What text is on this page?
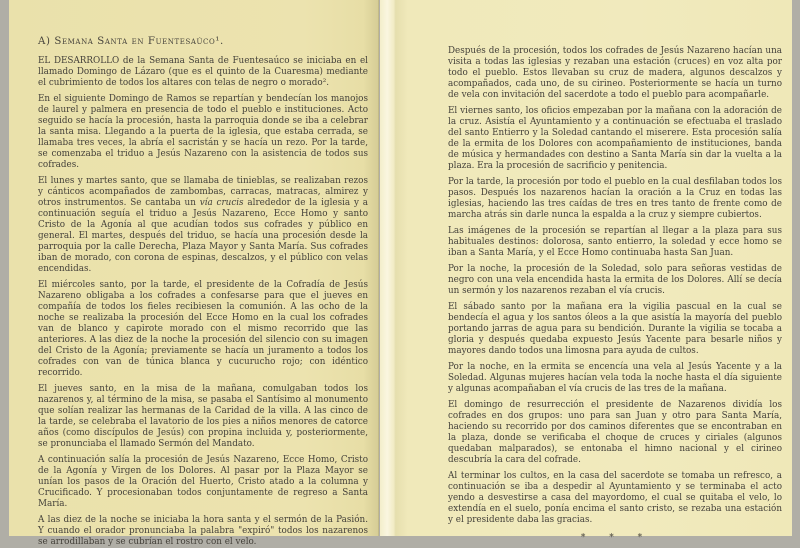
A) Semana Santa en Fuentesaúco¹.

EL DESARROLLO de la Semana Santa de Fuentesaúco se iniciaba en el llamado Domingo de Lázaro (que es el quinto de la Cuaresma) mediante el cubrimiento de todos los altares con telas de negro o morado².

En el siguiente Domingo de Ramos se repartían y bendecían los manojos de laurel y palmera en presencia de todo el pueblo e instituciones. Acto seguido se hacía la procesión, hasta la parroquia donde se iba a celebrar la santa misa. Llegando a la puerta de la iglesia, que estaba cerrada, se llamaba tres veces, la abría el sacristán y se hacía un rezo. Por la tarde, se comenzaba el triduo a Jesús Nazareno con la asistencia de todos sus cofrades.

El lunes y martes santo, que se llamaba de tinieblas, se realizaban rezos y cánticos acompañados de zambombas, carracas, matracas, almirez y otros instrumentos. Se cantaba un vía crucis alrededor de la iglesia y a continuación seguía el triduo a Jesús Nazareno, Ecce Homo y santo Cristo de la Agonía al que acudían todos sus cofrades y público en general. El martes, después del triduo, se hacía una procesión desde la parroquia por la calle Derecha, Plaza Mayor y Santa María. Sus cofrades iban de morado, con corona de espinas, descalzos, y el público con velas encendidas.

El miércoles santo, por la tarde, el presidente de la Cofradía de Jesús Nazareno obligaba a los cofrades a confesarse para que el jueves en compañía de todos los fieles recibiesen la comunión. A las ocho de la noche se realizaba la procesión del Ecce Homo en la cual los cofrades van de blanco y capirote morado con el mismo recorrido que las anteriores. A las diez de la noche la procesión del silencio con su imagen del Cristo de la Agonía; previamente se hacía un juramento a todos los cofrades con van de túnica blanca y cucurucho rojo; con idéntico recorrido.

El jueves santo, en la misa de la mañana, comulgaban todos los nazarenos y, al término de la misa, se pasaba el Santísimo al monumento que solían realizar las hermanas de la Caridad de la villa. A las cinco de la tarde, se celebraba el lavatorio de los pies a niños menores de catorce años (como discípulos de Jesús) con propina incluida y, posteriormente, se pronunciaba el llamado Sermón del Mandato.

A continuación salía la procesión de Jesús Nazareno, Ecce Homo, Cristo de la Agonía y Virgen de los Dolores. Al pasar por la Plaza Mayor se unían los pasos de la Oración del Huerto, Cristo atado a la columna y Crucificado. Y procesionaban todos conjuntamente de regreso a Santa María.

A las diez de la noche se iniciaba la hora santa y el sermón de la Pasión. Y cuando el orador pronunciaba la palabra "expiró" todos los nazarenos se arrodillaban y se cubrían el rostro con el velo.

Después de la procesión, todos los cofrades de Jesús Nazareno hacían una visita a todas las iglesias y rezaban una estación (cruces) en voz alta por todo el pueblo. Estos llevaban su cruz de madera, algunos descalzos y acompañados, cada uno, de su cirineo. Posteriormente se hacía un turno de vela con invitación del sacerdote a todo el pueblo para acompañarle.

El viernes santo, los oficios empezaban por la mañana con la adoración de la cruz. Asistía el Ayuntamiento y a continuación se efectuaba el traslado del santo Entierro y la Soledad cantando el miserere. Esta procesión salía de la ermita de los Dolores con acompañamiento de instituciones, banda de música y hermandades con destino a Santa María sin dar la vuelta a la plaza. Era la procesión de sacrificio y penitencia.

Por la tarde, la procesión por todo el pueblo en la cual desfilaban todos los pasos. Después los nazarenos hacían la oración a la Cruz en todas las iglesias, haciendo las tres caídas de tres en tres tanto de frente como de marcha atrás sin darle nunca la espalda a la cruz y siempre cubiertos.

Las imágenes de la procesión se repartían al llegar a la plaza para sus habituales destinos: dolorosa, santo entierro, la soledad y ecce homo se iban a Santa María, y el Ecce Homo continuaba hasta San Juan.

Por la noche, la procesión de la Soledad, solo para señoras vestidas de negro con una vela encendida hasta la ermita de los Dolores. Allí se decía un sermón y los nazarenos rezaban el vía crucis.

El sábado santo por la mañana era la vigilia pascual en la cual se bendecía el agua y los santos óleos a la que asistía la mayoría del pueblo portando jarras de agua para su bendición. Durante la vigilia se tocaba a gloria y después quedaba expuesto Jesús Yacente para besarle niños y mayores dando todos una limosna para ayuda de cultos.

Por la noche, en la ermita se encencía una vela al Jesús Yacente y a la Soledad. Algunas mujeres hacían vela toda la noche hasta el día siguiente y algunas acompañaban el vía crucis de las tres de la mañana.

El domingo de resurrección el presidente de Nazarenos dividía los cofrades en dos grupos: uno para san Juan y otro para Santa María, haciendo su recorrido por dos caminos diferentes que se encontraban en la plaza, donde se verificaba el choque de cruces y ciriales (algunos quedaban malparados), se entonaba el himno nacional y el cirineo descubría la cara del cofrade.

Al terminar los cultos, en la casa del sacerdote se tomaba un refresco, a continuación se iba a despedir al Ayuntamiento y se terminaba el acto yendo a desvestirse a casa del mayordomo, el cual se quitaba el velo, lo extendía en el suelo, ponía encima el santo cristo, se rezaba una estación y el presidente daba las gracias.

* * *
